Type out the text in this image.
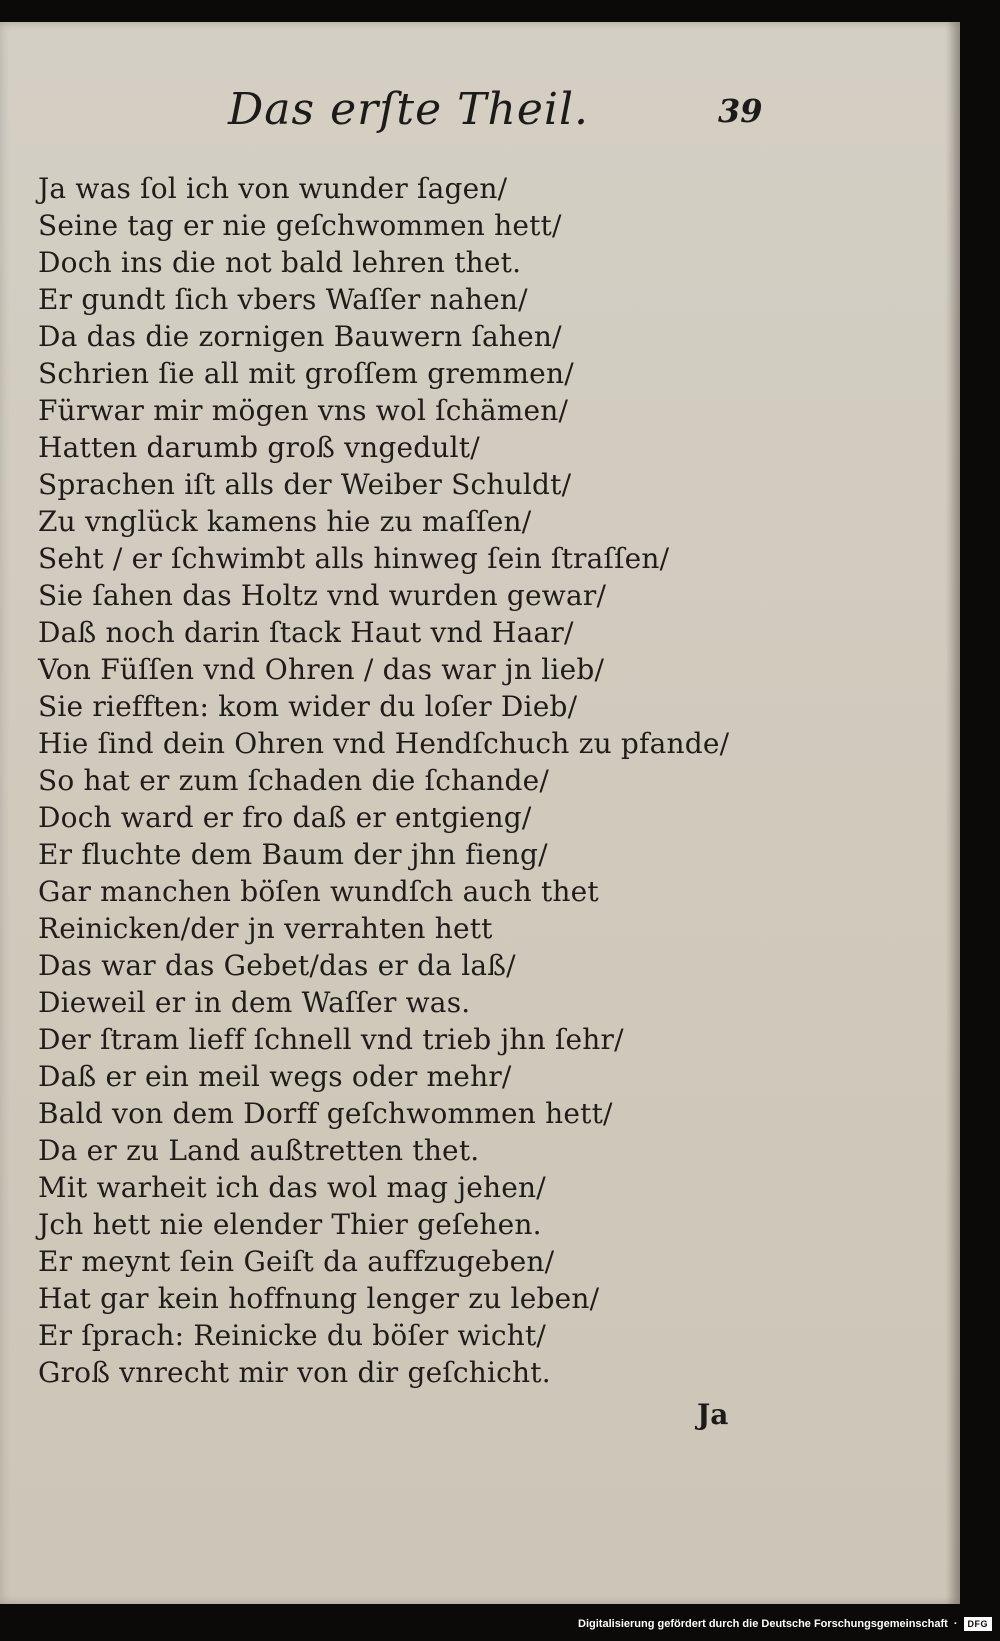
Das erſte Theil.	39
Ja was ſol ich von wunder ſagen/
Seine tag er nie geſchwommen hett/
Doch ins die not bald lehren thet.
Er gundt ſich vbers Waſſer nahen/
Da das die zornigen Bauwern ſahen/
Schrien ſie all mit groſſem gremmen/
Fürwar mir mögen vns wol ſchämen/
Hatten darumb groß vngedult/
Sprachen iſt alls der Weiber Schuldt/
Zu vnglück kamens hie zu maſſen/
Seht / er ſchwimbt alls hinweg ſein ſtraſſen/
Sie ſahen das Holtz vnd wurden gewar/
Daß noch darin ſtack Haut vnd Haar/
Von Füſſen vnd Ohren / das war jn lieb/
Sie riefften: kom wider du loſer Dieb/
Hie ſind dein Ohren vnd Hendſchuch zu pfande/
So hat er zum ſchaden die ſchande/
Doch ward er fro daß er entgieng/
Er fluchte dem Baum der jhn fieng/
Gar manchen böſen wundſch auch thet
Reinicken/der jn verrahten hett
Das war das Gebet/das er da laß/
Dieweil er in dem Waſſer was.
Der ſtram lieff ſchnell vnd trieb jhn ſehr/
Daß er ein meil wegs oder mehr/
Bald von dem Dorff geſchwommen hett/
Da er zu Land außtretten thet.
Mit warheit ich das wol mag jehen/
Jch hett nie elender Thier geſehen.
Er meynt ſein Geiſt da auffzugeben/
Hat gar kein hoffnung lenger zu leben/
Er ſprach: Reinicke du böſer wicht/
Groß vnrecht mir von dir geſchicht.
Ja
Digitalisierung gefördert durch die Deutsche Forschungsgemeinschaft ·	DFG
